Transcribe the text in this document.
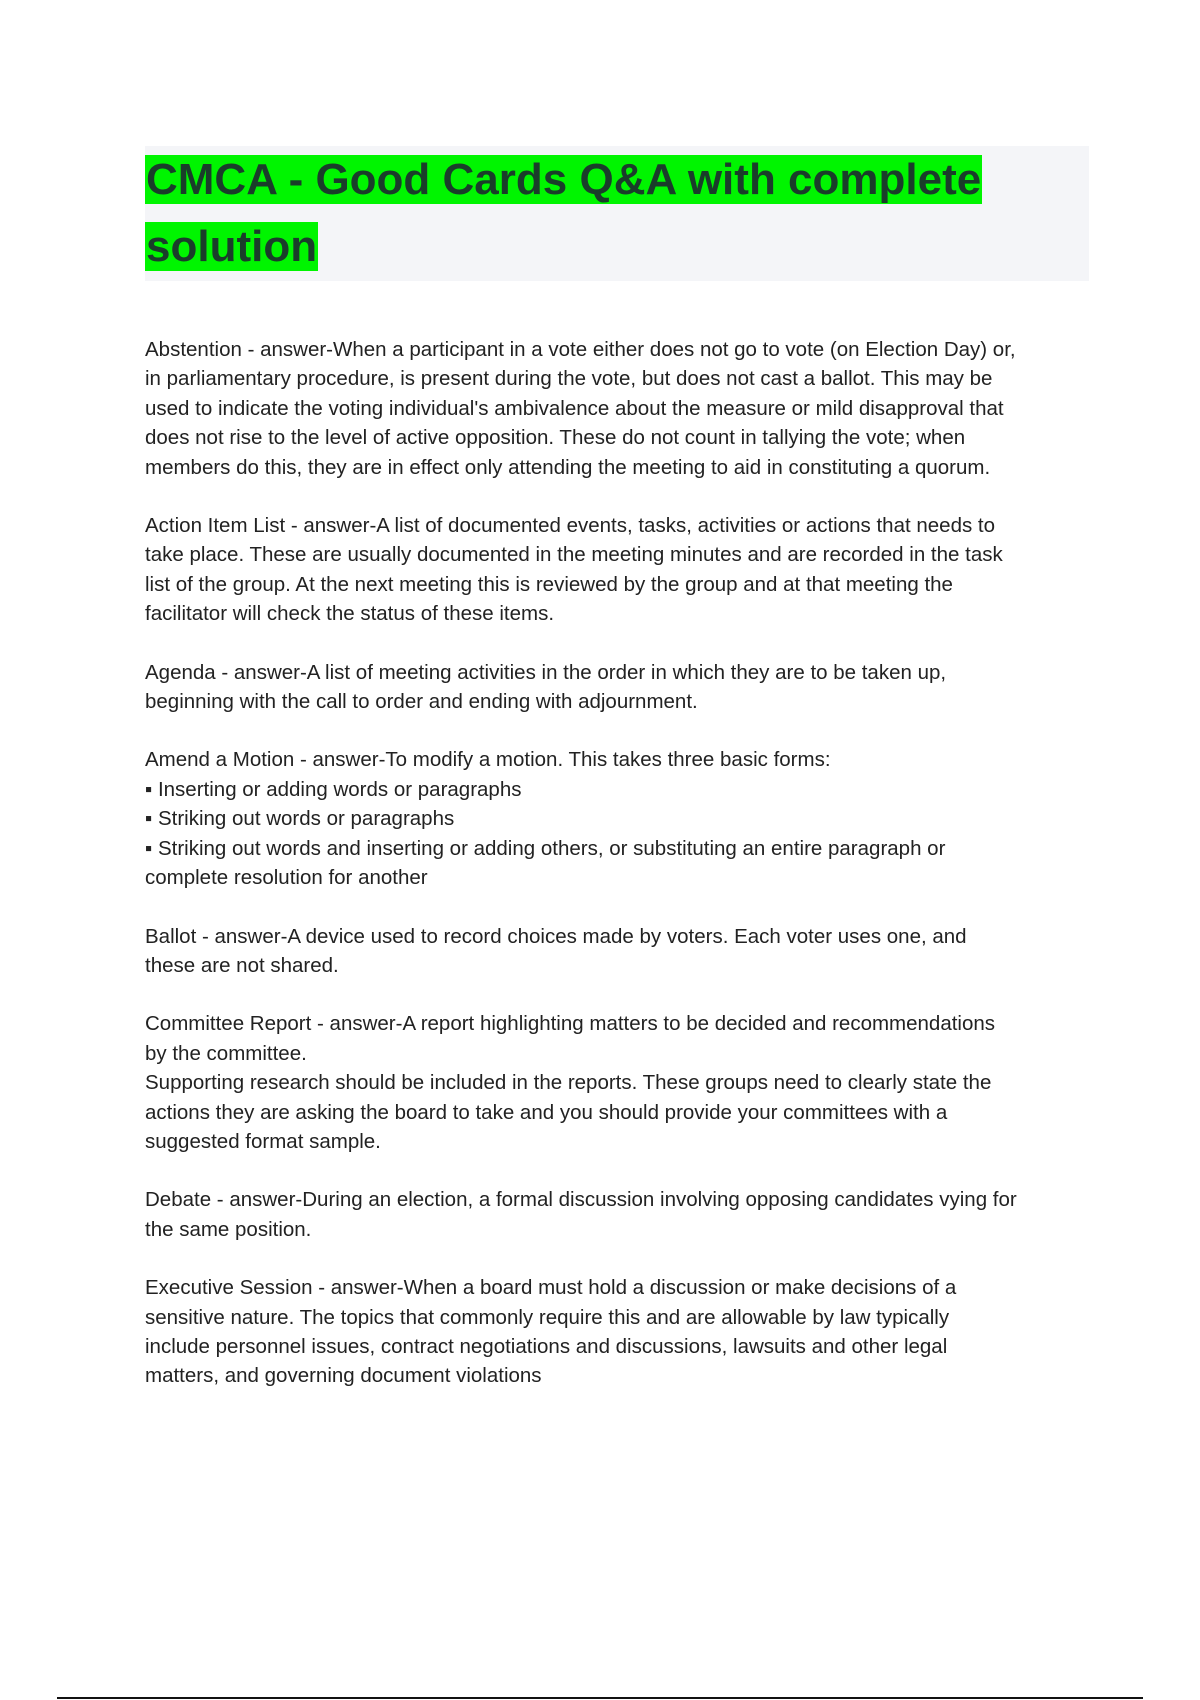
CMCA - Good Cards Q&A with complete
solution
Abstention - answer-When a participant in a vote either does not go to vote (on Election Day) or,
in parliamentary procedure, is present during the vote, but does not cast a ballot. This may be
used to indicate the voting individual's ambivalence about the measure or mild disapproval that
does not rise to the level of active opposition. These do not count in tallying the vote; when
members do this, they are in effect only attending the meeting to aid in constituting a quorum.
Action Item List - answer-A list of documented events, tasks, activities or actions that needs to
take place. These are usually documented in the meeting minutes and are recorded in the task
list of the group. At the next meeting this is reviewed by the group and at that meeting the
facilitator will check the status of these items.
Agenda - answer-A list of meeting activities in the order in which they are to be taken up,
beginning with the call to order and ending with adjournment.
Amend a Motion - answer-To modify a motion. This takes three basic forms:
▪ Inserting or adding words or paragraphs
▪ Striking out words or paragraphs
▪ Striking out words and inserting or adding others, or substituting an entire paragraph or
complete resolution for another
Ballot - answer-A device used to record choices made by voters. Each voter uses one, and
these are not shared.
Committee Report - answer-A report highlighting matters to be decided and recommendations
by the committee.
Supporting research should be included in the reports. These groups need to clearly state the
actions they are asking the board to take and you should provide your committees with a
suggested format sample.
Debate - answer-During an election, a formal discussion involving opposing candidates vying for
the same position.
Executive Session - answer-When a board must hold a discussion or make decisions of a
sensitive nature. The topics that commonly require this and are allowable by law typically
include personnel issues, contract negotiations and discussions, lawsuits and other legal
matters, and governing document violations
